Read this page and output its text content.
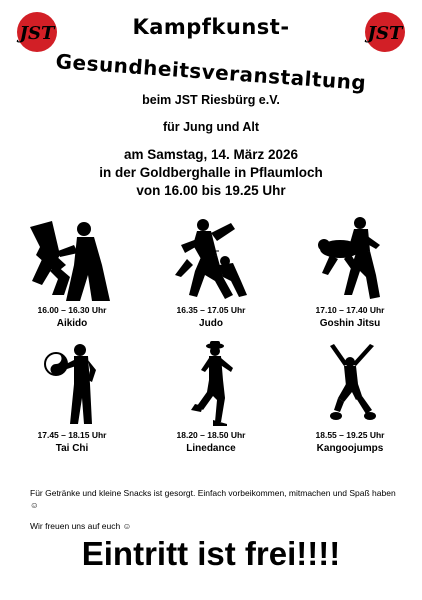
JST	JST
Kampfkunst-
Gesundheitsveranstaltung
beim JST Riesbürg e.V.
für Jung und Alt
am Samstag, 14. März 2026
in der Goldberghalle in Pflaumloch
von 16.00 bis 19.25 Uhr
16.00 – 16.30 Uhr
Aikido
16.35 – 17.05 Uhr
Judo
17.10 – 17.40 Uhr
Goshin Jitsu
17.45 – 18.15 Uhr
Tai Chi
18.20 – 18.50 Uhr
Linedance
18.55 – 19.25 Uhr
Kangoojumps
Für Getränke und kleine Snacks ist gesorgt. Einfach vorbeikommen, mitmachen und Spaß haben ☺
Wir freuen uns auf euch ☺
Eintritt ist frei!!!!
